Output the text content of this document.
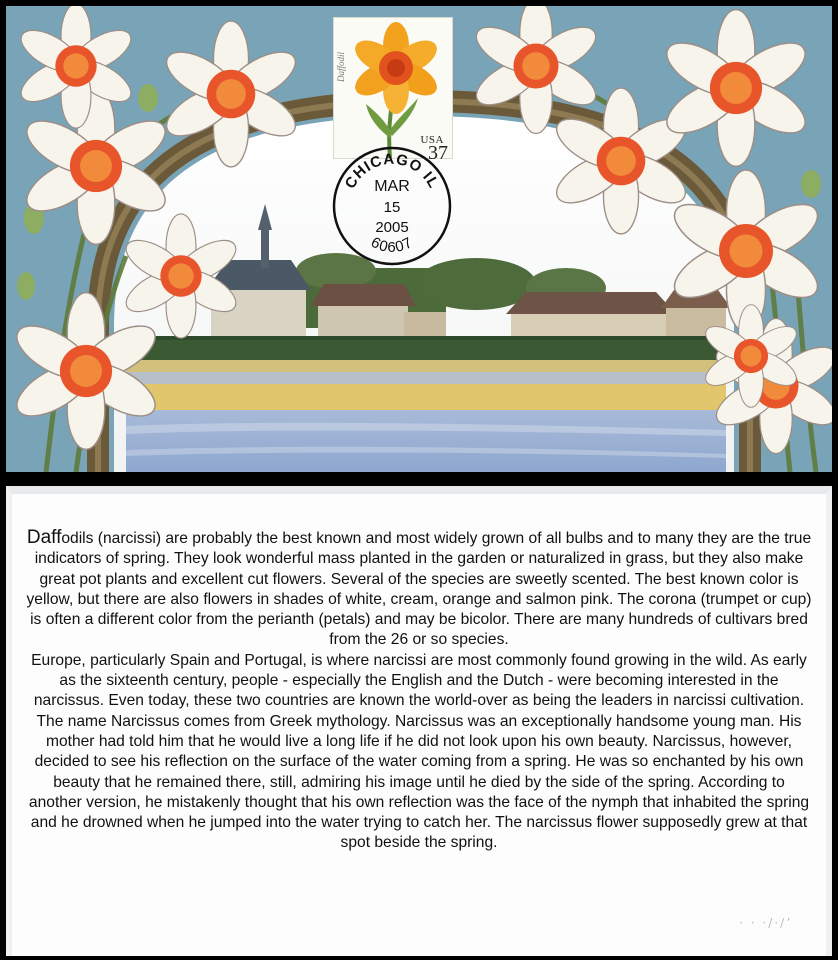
Daffodil
USA
37
CHICAGO IL
60607
MAR
15
2005

Daffodils (narcissi) are probably the best known and most widely grown of all bulbs and to many they are the true indicators of spring. They look wonderful mass planted in the garden or naturalized in grass, but they also make great pot plants and excellent cut flowers. Several of the species are sweetly scented. The best known color is yellow, but there are also flowers in shades of white, cream, orange and salmon pink. The corona (trumpet or cup) is often a different color from the perianth (petals) and may be bicolor. There are many hundreds of cultivars bred from the 26 or so species.

Europe, particularly Spain and Portugal, is where narcissi are most commonly found growing in the wild. As early as the sixteenth century, people - especially the English and the Dutch - were becoming interested in the narcissus. Even today, these two countries are known the world-over as being the leaders in narcissi cultivation.

The name Narcissus comes from Greek mythology. Narcissus was an exceptionally handsome young man. His mother had told him that he would live a long life if he did not look upon his own beauty. Narcissus, however, decided to see his reflection on the surface of the water coming from a spring. He was so enchanted by his own beauty that he remained there, still, admiring his image until he died by the side of the spring. According to another version, he mistakenly thought that his own reflection was the face of the nymph that inhabited the spring and he drowned when he jumped into the water trying to catch her. The narcissus flower supposedly grew at that spot beside the spring.

· · ·/·/ʼ
